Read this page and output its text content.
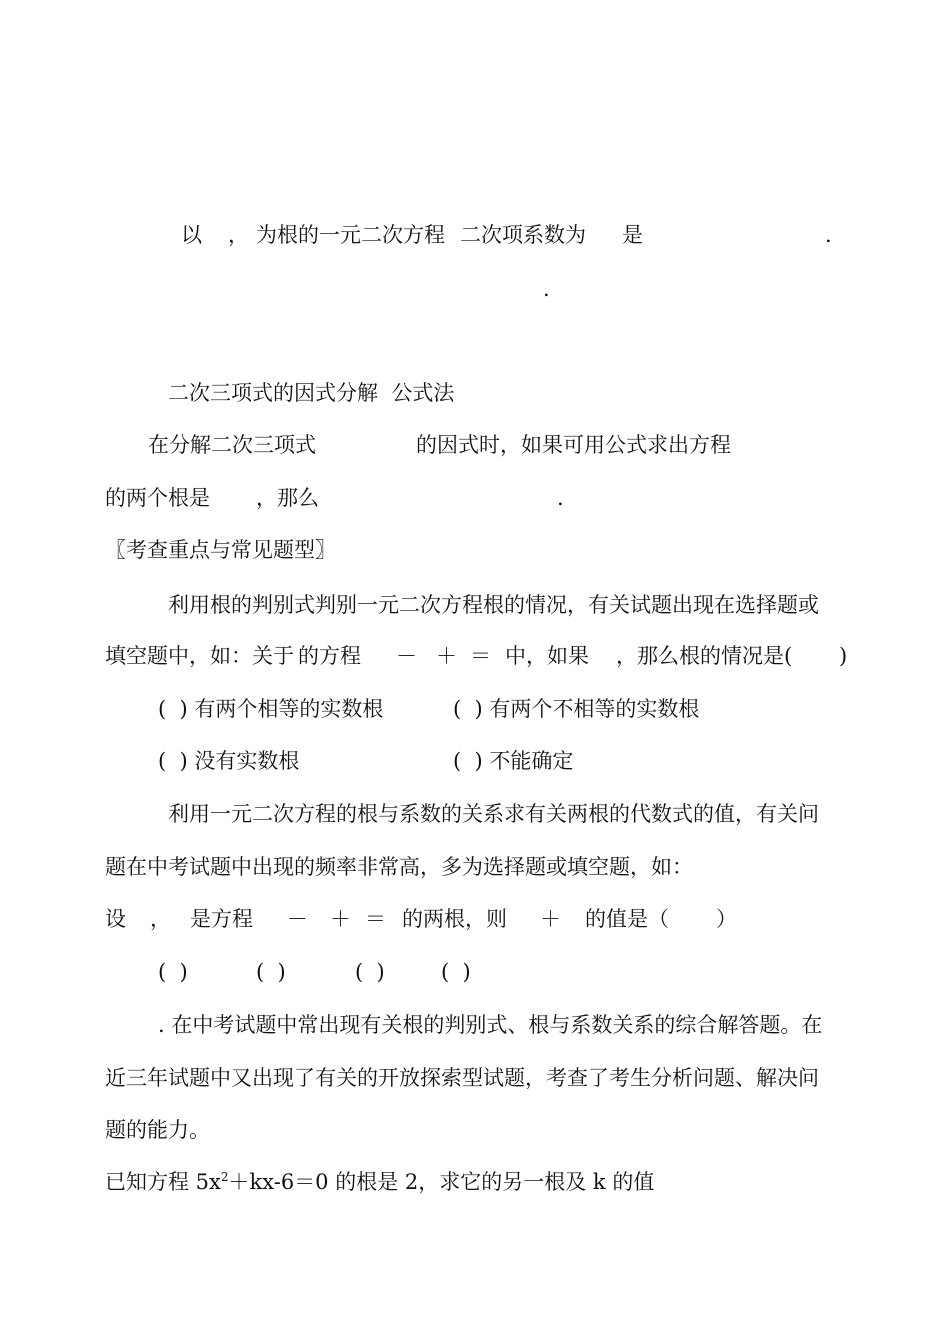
以 ， 为根的一元二次方程 二次项系数为 是	.
.
二次三项式的因式分解  公式法
在分解二次三项式	的因式时，如果可用公式求出方程
的两个根是 ，那么	.
〖考查重点与常见题型〗
利用根的判别式判别一元二次方程根的情况，有关试题出现在选择题或
填空题中，如：关于 的方程 － ＋ ＝ 中，如果 ，那么根的情况是( )
(  ) 有两个相等的实数根	(  ) 有两个不相等的实数根
(  ) 没有实数根	(  ) 不能确定
利用一元二次方程的根与系数的关系求有关两根的代数式的值，有关问
题在中考试题中出现的频率非常高，多为选择题或填空题，如：
设 ， 是方程 － ＋ ＝ 的两根，则 ＋ 的值是（ ）
(  )	(  )	(  )	(  )
. 在中考试题中常出现有关根的判别式、根与系数关系的综合解答题。在
近三年试题中又出现了有关的开放探索型试题，考查了考生分析问题、解决问
题的能力。
已知方程 $5x^2+kx-6=0$ 的根是 2，求它的另一根及 k 的值
